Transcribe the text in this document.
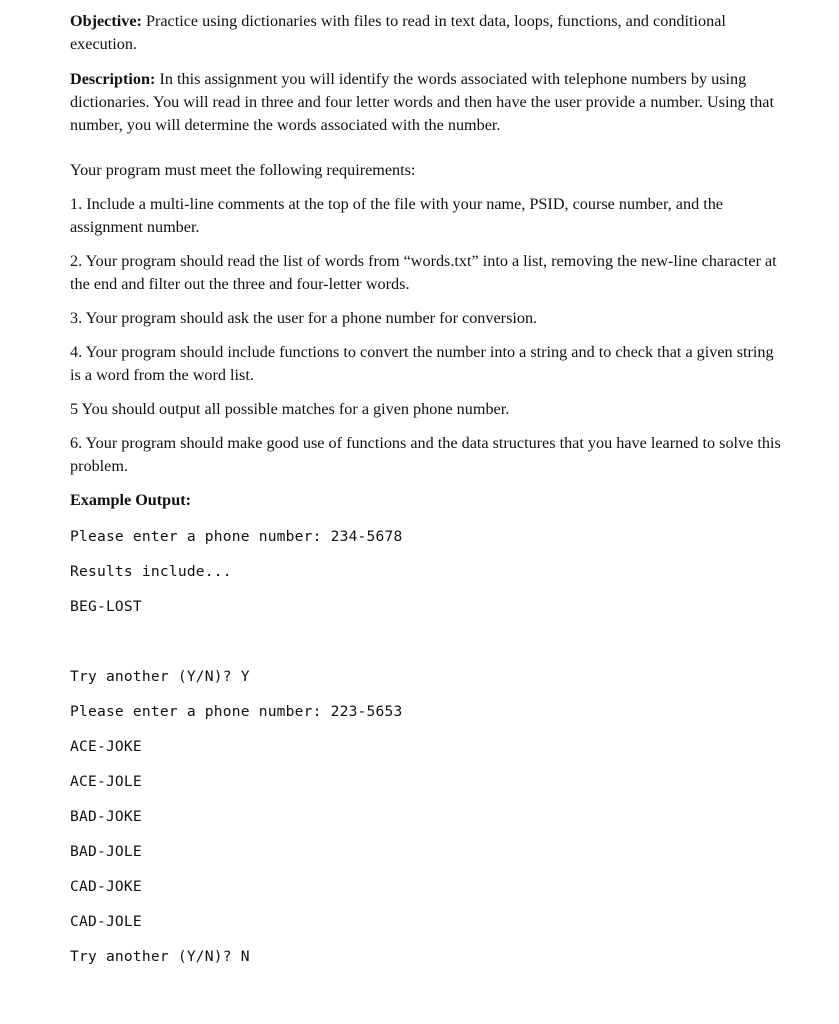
Objective: Practice using dictionaries with files to read in text data, loops, functions, and conditional execution.

Description: In this assignment you will identify the words associated with telephone numbers by using dictionaries. You will read in three and four letter words and then have the user provide a number. Using that number, you will determine the words associated with the number.

Your program must meet the following requirements:

1. Include a multi-line comments at the top of the file with your name, PSID, course number, and the assignment number.

2. Your program should read the list of words from “words.txt” into a list, removing the new-line character at the end and filter out the three and four-letter words.

3. Your program should ask the user for a phone number for conversion.

4. Your program should include functions to convert the number into a string and to check that a given string is a word from the word list.

5 You should output all possible matches for a given phone number.

6. Your program should make good use of functions and the data structures that you have learned to solve this problem.

Example Output:

Please enter a phone number: 234-5678

Results include...

BEG-LOST

Try another (Y/N)? Y

Please enter a phone number: 223-5653

ACE-JOKE

ACE-JOLE

BAD-JOKE

BAD-JOLE

CAD-JOKE

CAD-JOLE

Try another (Y/N)? N
